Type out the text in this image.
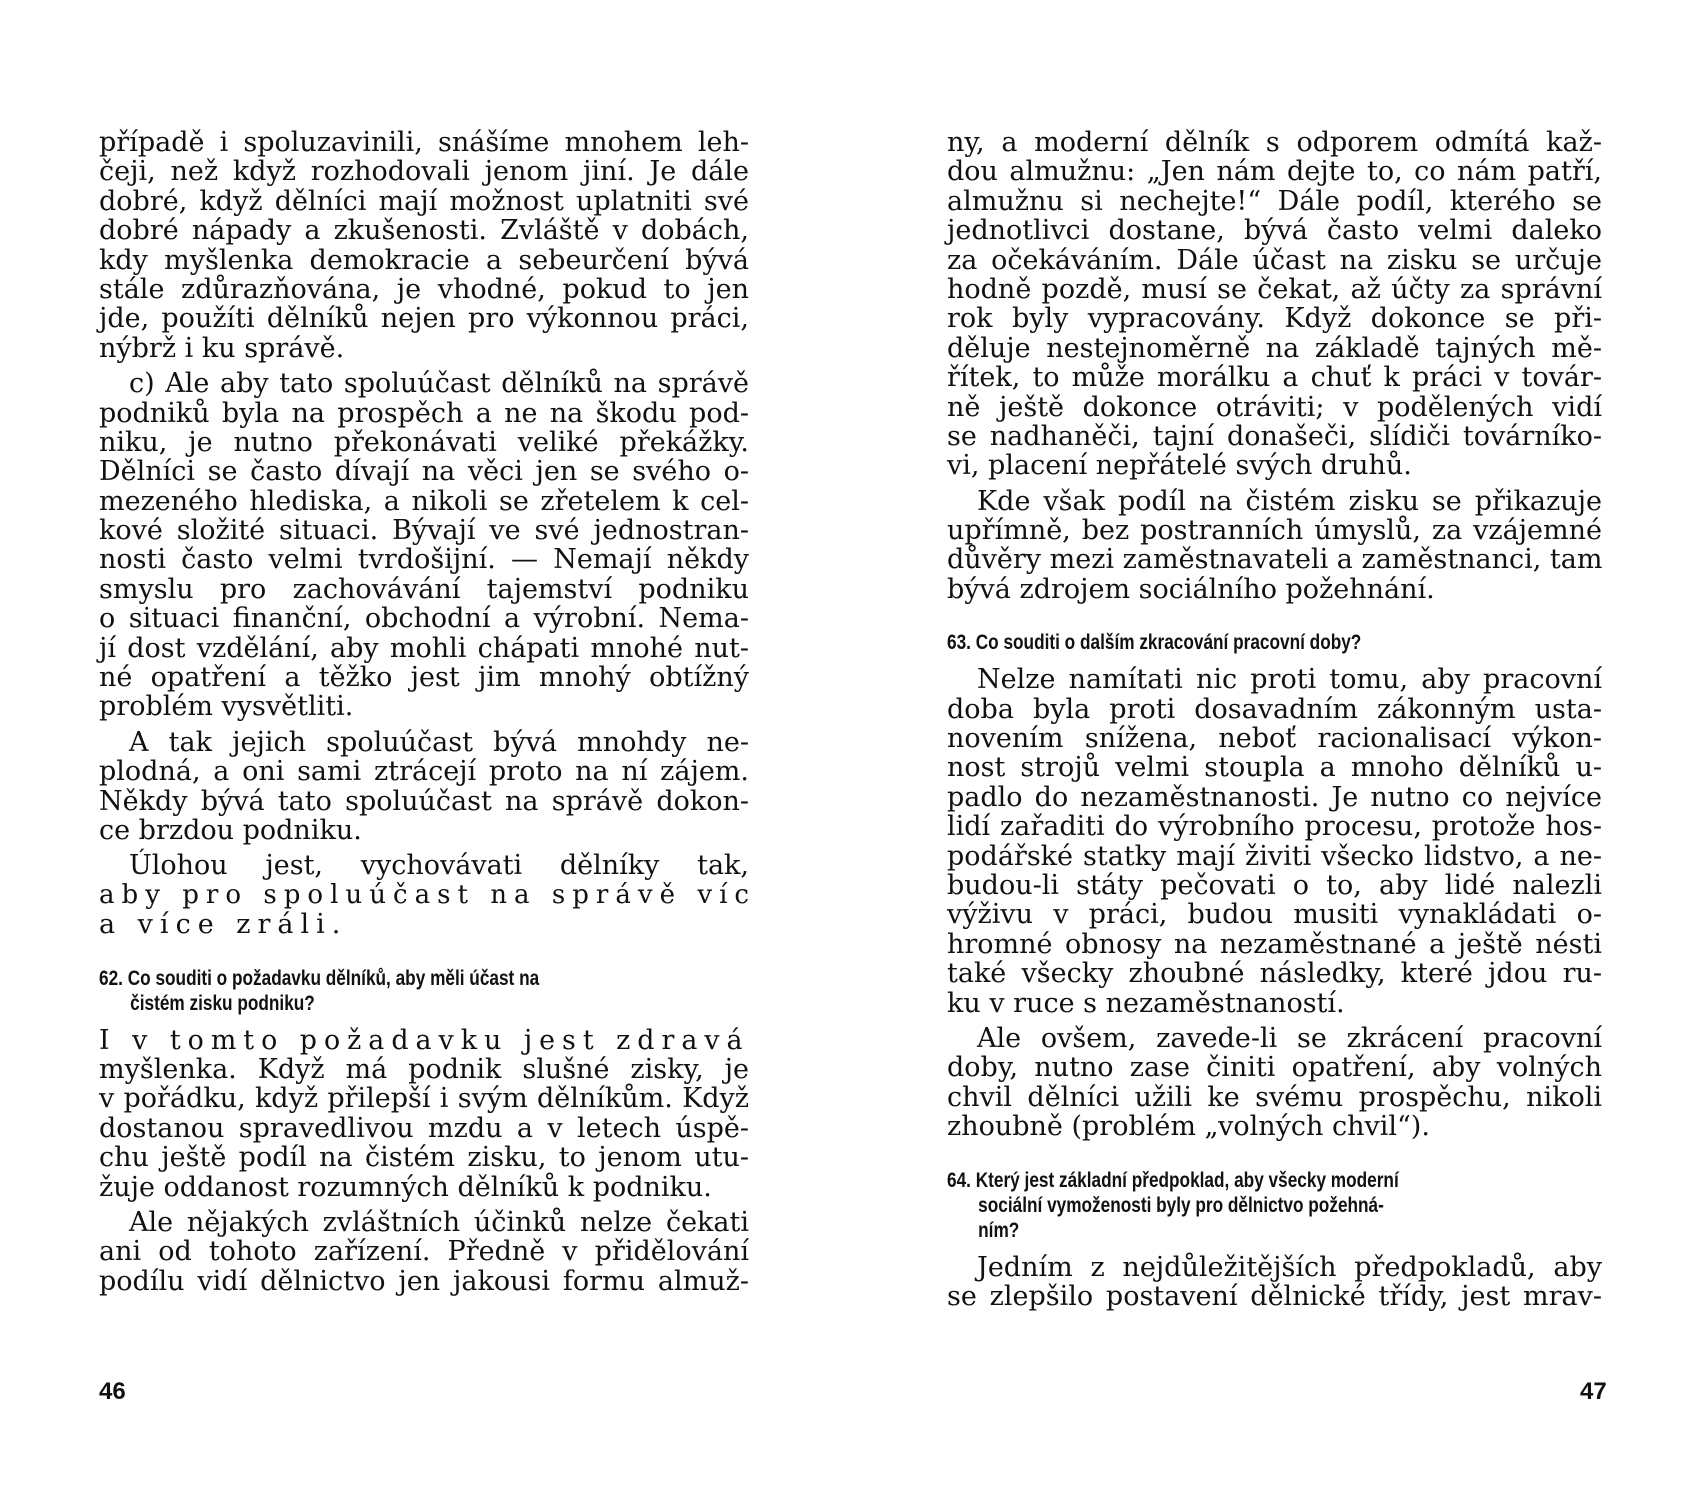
případě i spoluzavinili, snášíme mnohem leh-
čeji, než když rozhodovali jenom jiní. Je dále
dobré, když dělníci mají možnost uplatniti své
dobré nápady a zkušenosti. Zvláště v dobách,
kdy myšlenka demokracie a sebeurčení bývá
stále zdůrazňována, je vhodné, pokud to jen
jde, použíti dělníků nejen pro výkonnou práci,
nýbrž i ku správě.
c) Ale aby tato spoluúčast dělníků na správě
podniků byla na prospěch a ne na škodu pod-
niku, je nutno překonávati veliké překážky.
Dělníci se často dívají na věci jen se svého o-
mezeného hlediska, a nikoli se zřetelem k cel-
kové složité situaci. Bývají ve své jednostran-
nosti často velmi tvrdošijní. — Nemají někdy
smyslu pro zachovávání tajemství podniku
o situaci finanční, obchodní a výrobní. Nema-
jí dost vzdělání, aby mohli chápati mnohé nut-
né opatření a těžko jest jim mnohý obtížný
problém vysvětliti.
A tak jejich spoluúčast bývá mnohdy ne-
plodná, a oni sami ztrácejí proto na ní zájem.
Někdy bývá tato spoluúčast na správě dokon-
ce brzdou podniku.
Úlohou jest, vychovávati dělníky tak,
aby pro spoluúčast na správě víc
a více zráli.
62. Co souditi o požadavku dělníků, aby měli účast na
čistém zisku podniku?
I v tomto požadavku jest zdravá
myšlenka. Když má podnik slušné zisky, je
v pořádku, když přilepší i svým dělníkům. Když
dostanou spravedlivou mzdu a v letech úspě-
chu ještě podíl na čistém zisku, to jenom utu-
žuje oddanost rozumných dělníků k podniku.
Ale nějakých zvláštních účinků nelze čekati
ani od tohoto zařízení. Předně v přidělování
podílu vidí dělnictvo jen jakousi formu almuž-
46
ny, a moderní dělník s odporem odmítá kaž-
dou almužnu: „Jen nám dejte to, co nám patří,
almužnu si nechejte!“ Dále podíl, kterého se
jednotlivci dostane, bývá často velmi daleko
za očekáváním. Dále účast na zisku se určuje
hodně pozdě, musí se čekat, až účty za správní
rok byly vypracovány. Když dokonce se při-
děluje nestejnoměrně na základě tajných mě-
řítek, to může morálku a chuť k práci v továr-
ně ještě dokonce otráviti; v podělených vidí
se nadhaněči, tajní donašeči, slídiči továrníko-
vi, placení nepřátelé svých druhů.
Kde však podíl na čistém zisku se přikazuje
upřímně, bez postranních úmyslů, za vzájemné
důvěry mezi zaměstnavateli a zaměstnanci, tam
bývá zdrojem sociálního požehnání.
63. Co souditi o dalším zkracování pracovní doby?
Nelze namítati nic proti tomu, aby pracovní
doba byla proti dosavadním zákonným usta-
novením snížena, neboť racionalisací výkon-
nost strojů velmi stoupla a mnoho dělníků u-
padlo do nezaměstnanosti. Je nutno co nejvíce
lidí zařaditi do výrobního procesu, protože hos-
podářské statky mají živiti všecko lidstvo, a ne-
budou-li státy pečovati o to, aby lidé nalezli
výživu v práci, budou musiti vynakládati o-
hromné obnosy na nezaměstnané a ještě nésti
také všecky zhoubné následky, které jdou ru-
ku v ruce s nezaměstnaností.
Ale ovšem, zavede-li se zkrácení pracovní
doby, nutno zase činiti opatření, aby volných
chvil dělníci užili ke svému prospěchu, nikoli
zhoubně (problém „volných chvil“).
64. Který jest základní předpoklad, aby všecky moderní
sociální vymoženosti byly pro dělnictvo požehná-
ním?
Jedním z nejdůležitějších předpokladů, aby
se zlepšilo postavení dělnické třídy, jest mrav-
47
